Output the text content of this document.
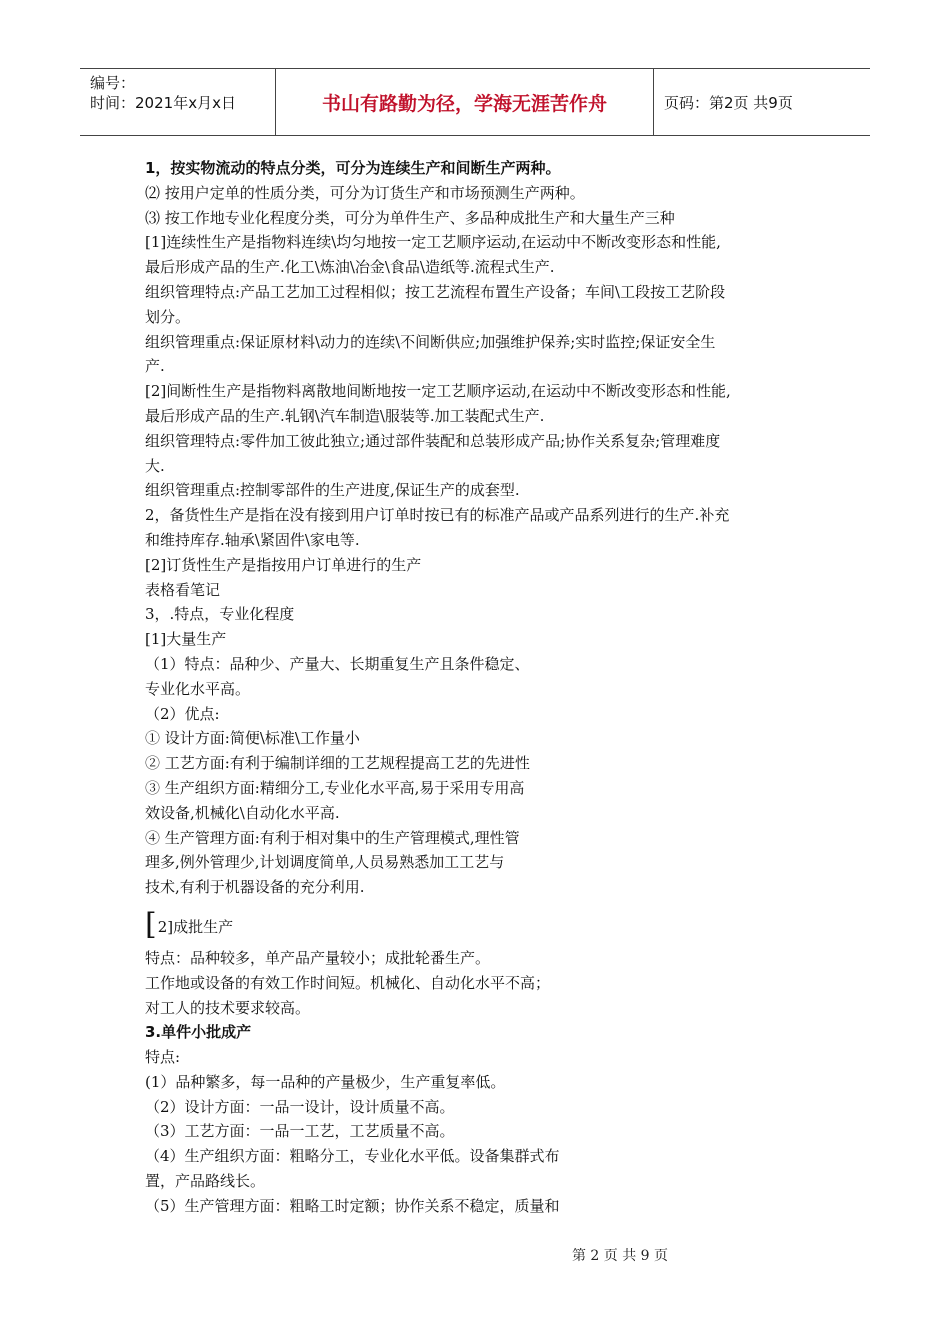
编号：
时间： 2021年x月x日	书山有路勤为径，学海无涯苦作舟	页码：第2页 共9页

1，按实物流动的特点分类，可分为连续生产和间断生产两种。

⑵ 按用户定单的性质分类，可分为订货生产和市场预测生产两种。

⑶ 按工作地专业化程度分类，可分为单件生产、多品种成批生产和大量生产三种

[1]连续性生产是指物料连续\均匀地按一定工艺顺序运动,在运动中不断改变形态和性能,

最后形成产品的生产.化工\炼油\冶金\食品\造纸等.流程式生产.

组织管理特点:产品工艺加工过程相似；按工艺流程布置生产设备；车间\工段按工艺阶段

划分。

组织管理重点:保证原材料\动力的连续\不间断供应;加强维护保养;实时监控;保证安全生

产.

[2]间断性生产是指物料离散地间断地按一定工艺顺序运动,在运动中不断改变形态和性能,

最后形成产品的生产.轧钢\汽车制造\服装等.加工装配式生产.

组织管理特点:零件加工彼此独立;通过部件装配和总装形成产品;协作关系复杂;管理难度

大.

组织管理重点:控制零部件的生产进度,保证生产的成套型.

2，备货性生产是指在没有接到用户订单时按已有的标准产品或产品系列进行的生产.补充

和维持库存.轴承\紧固件\家电等.

[2]订货性生产是指按用户订单进行的生产

表格看笔记

3，.特点，专业化程度

[1]大量生产

（1）特点：品种少、产量大、长期重复生产且条件稳定、

专业化水平高。

（2）优点:

① 设计方面:简便\标准\工作量小

② 工艺方面:有利于编制详细的工艺规程提高工艺的先进性

③ 生产组织方面:精细分工,专业化水平高,易于采用专用高

效设备,机械化\自动化水平高.

④ 生产管理方面:有利于相对集中的生产管理模式,理性管

理多,例外管理少,计划调度简单,人员易熟悉加工工艺与

技术,有利于机器设备的充分利用.

[ 2]成批生产

特点：品种较多，单产品产量较小；成批轮番生产。

工作地或设备的有效工作时间短。机械化、自动化水平不高；

对工人的技术要求较高。

3.单件小批成产

特点:

(1）品种繁多，每一品种的产量极少，生产重复率低。

（2）设计方面：一品一设计，设计质量不高。

（3）工艺方面：一品一工艺，工艺质量不高。

（4）生产组织方面：粗略分工，专业化水平低。设备集群式布

置，产品路线长。

（5）生产管理方面：粗略工时定额；协作关系不稳定，质量和

第 2 页 共 9 页
